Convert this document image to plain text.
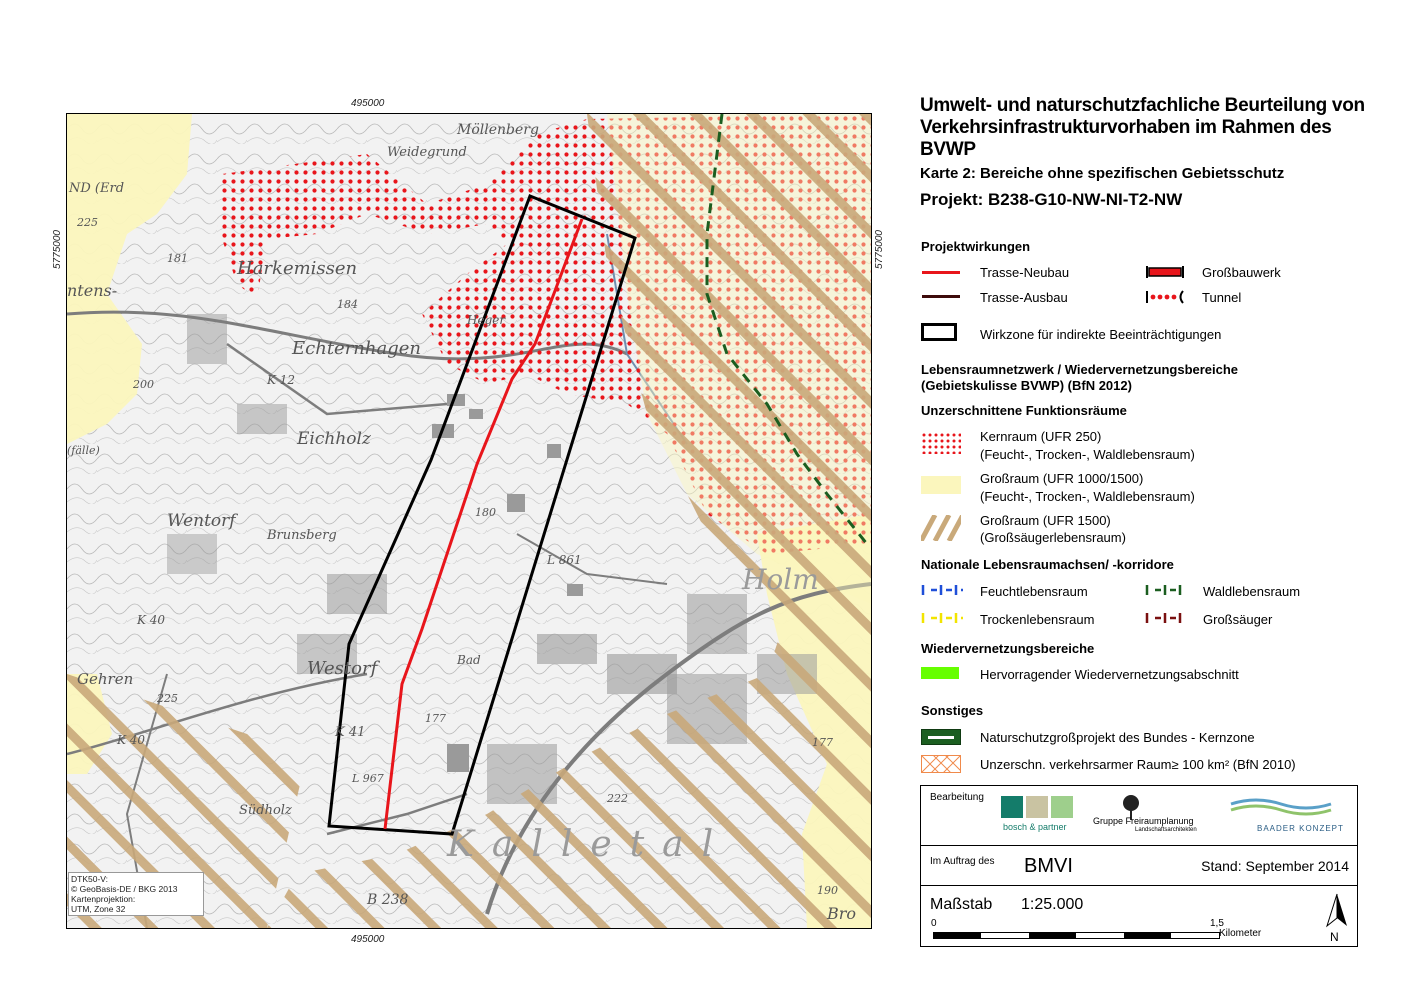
Möllenberg
Weidegrund
ND (Erd
225
Harkemissen
181
184
ntens-
Heger
Echternhagen
K 12
200
Eichholz
(fälle)
Wentorf
Brunsberg
L 861
K 40
Gehren
225
Westorf	Bad
177
K 40	K 41
L 967
Südholz
Kalletal
222
177
B 238
Holm
180
Bro
190
495000
495000
5775000	5775000
DTK50-V:
© GeoBasis-DE / BKG 2013
Kartenprojektion:
UTM, Zone 32
Umwelt- und naturschutzfachliche Beurteilung von Verkehrsinfrastrukturvorhaben im Rahmen des BVWP
Karte 2: Bereiche ohne spezifischen Gebietsschutz
Projekt: B238-G10-NW-NI-T2-NW
Projektwirkungen
Trasse-Neubau
Trasse-Ausbau
Großbauwerk
Tunnel
Wirkzone für indirekte Beeinträchtigungen
Lebensraumnetzwerk / Wiedervernetzungsbereiche
(Gebietskulisse BVWP) (BfN 2012)
Unzerschnittene Funktionsräume
Kernraum (UFR 250)
(Feucht-, Trocken-, Waldlebensraum)
Großraum (UFR 1000/1500)
(Feucht-, Trocken-, Waldlebensraum)
Großraum (UFR 1500)
(Großsäugerlebensraum)
Nationale Lebensraumachsen/ -korridore
Feuchtlebensraum	Waldlebensraum
Trockenlebensraum	Großsäuger
Wiedervernetzungsbereiche
Hervorragender Wiedervernetzungsabschnitt
Sonstiges
Naturschutzgroßprojekt des Bundes - Kernzone
Unzerschn. verkehrsarmer Raum≥ 100 km² (BfN 2010)
Bearbeitung
bosch & partner
Gruppe Freiraumplanung
Landschaftsarchitekten	BAADER KONZEPT
Im Auftrag des BMVI	Stand: September 2014
Maßstab 1:25.000
0	1,5
Kilometer	N
